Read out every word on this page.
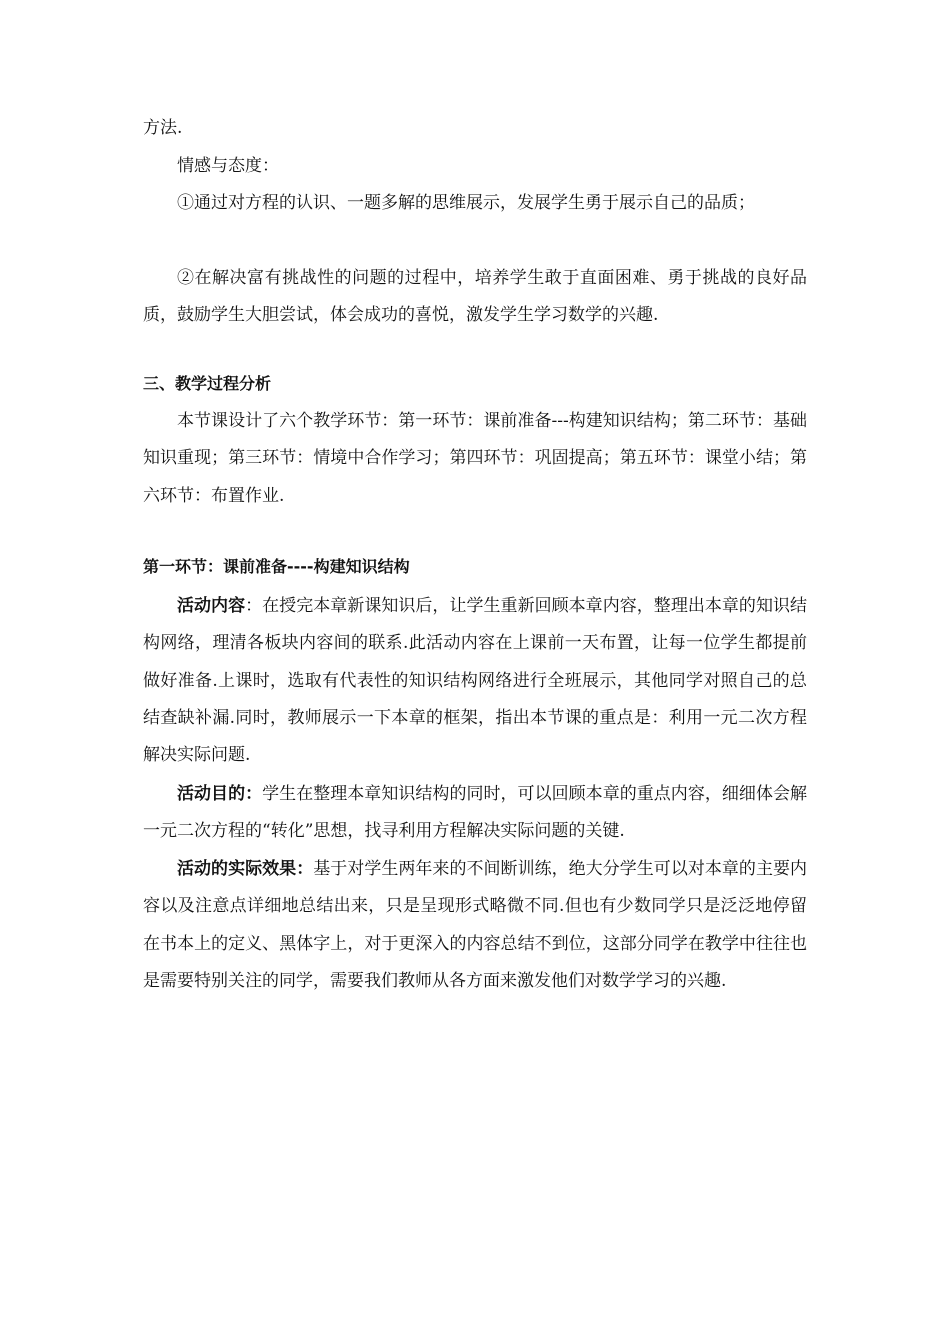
方法.

情感与态度：

①通过对方程的认识、一题多解的思维展示，发展学生勇于展示自己的品质；

②在解决富有挑战性的问题的过程中，培养学生敢于直面困难、勇于挑战的良好品质，鼓励学生大胆尝试，体会成功的喜悦，激发学生学习数学的兴趣.

三、教学过程分析

本节课设计了六个教学环节：第一环节：课前准备---构建知识结构；第二环节：基础知识重现；第三环节：情境中合作学习；第四环节：巩固提高；第五环节：课堂小结；第六环节：布置作业.

第一环节：课前准备----构建知识结构

活动内容：在授完本章新课知识后，让学生重新回顾本章内容，整理出本章的知识结构网络，理清各板块内容间的联系.此活动内容在上课前一天布置，让每一位学生都提前做好准备.上课时，选取有代表性的知识结构网络进行全班展示，其他同学对照自己的总结查缺补漏.同时，教师展示一下本章的框架，指出本节课的重点是：利用一元二次方程解决实际问题.

活动目的：学生在整理本章知识结构的同时，可以回顾本章的重点内容，细细体会解一元二次方程的“转化”思想，找寻利用方程解决实际问题的关键.

活动的实际效果：基于对学生两年来的不间断训练，绝大分学生可以对本章的主要内容以及注意点详细地总结出来，只是呈现形式略微不同.但也有少数同学只是泛泛地停留在书本上的定义、黑体字上，对于更深入的内容总结不到位，这部分同学在教学中往往也是需要特别关注的同学，需要我们教师从各方面来激发他们对数学学习的兴趣.
